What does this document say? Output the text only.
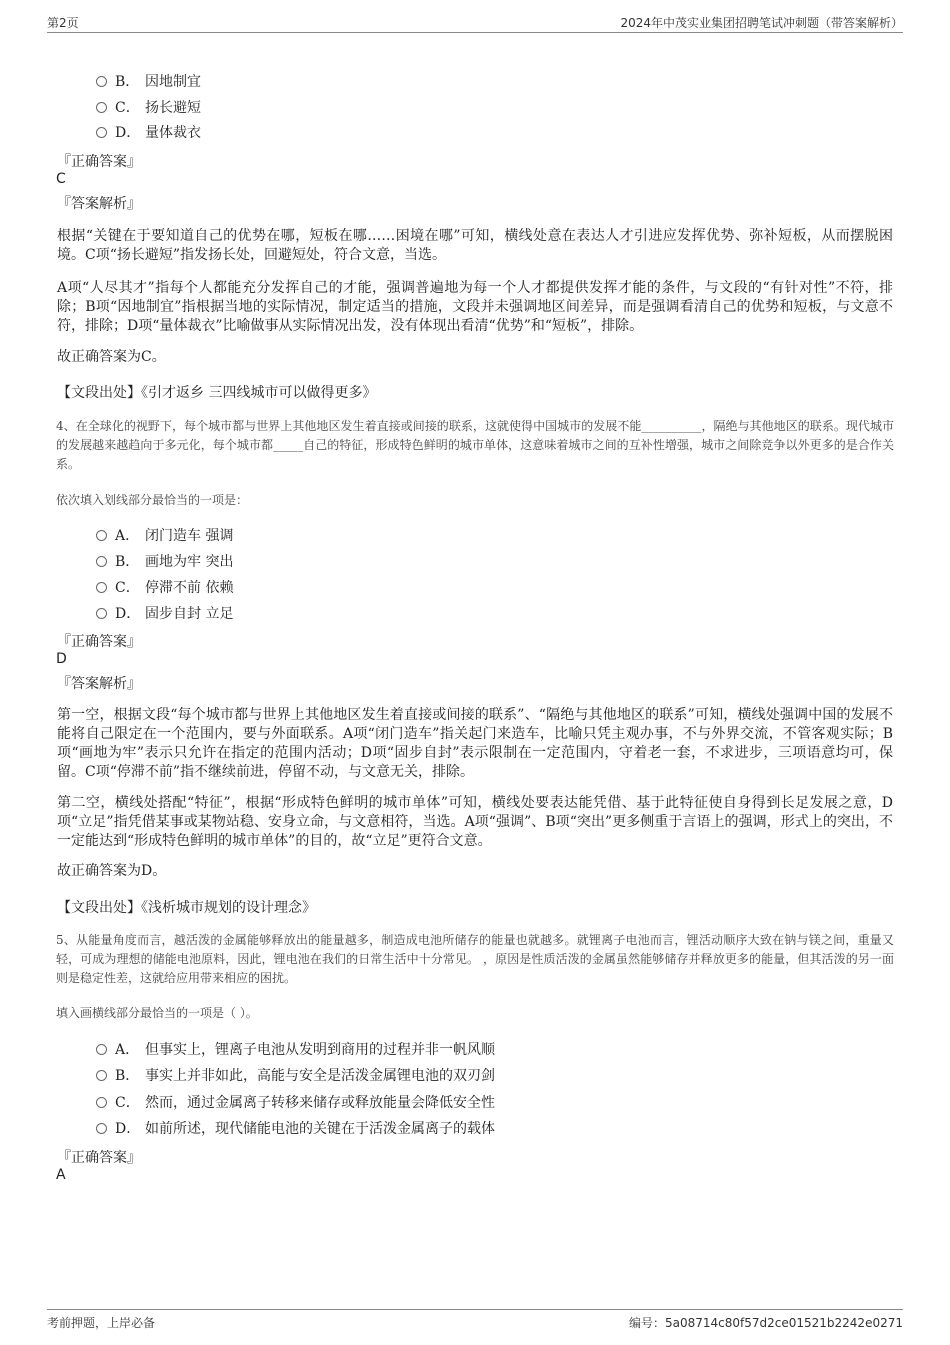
第2页	2024年中茂实业集团招聘笔试冲刺题（带答案解析）
B． 因地制宜
C． 扬长避短
D． 量体裁衣
『正确答案』
C
『答案解析』

根据“关键在于要知道自己的优势在哪，短板在哪……困境在哪”可知，横线处意在表达人才引进应发挥优势、弥补短板，从而摆脱困境。C项“扬长避短”指发扬长处，回避短处，符合文意，当选。

A项“人尽其才”指每个人都能充分发挥自己的才能，强调普遍地为每一个人才都提供发挥才能的条件，与文段的“有针对性”不符，排除；B项“因地制宜”指根据当地的实际情况，制定适当的措施，文段并未强调地区间差异，而是强调看清自己的优势和短板，与文意不符，排除；D项“量体裁衣”比喻做事从实际情况出发，没有体现出看清“优势”和“短板”，排除。

故正确答案为C。

【文段出处】《引才返乡 三四线城市可以做得更多》

4、在全球化的视野下，每个城市都与世界上其他地区发生着直接或间接的联系，这就使得中国城市的发展不能__________，隔绝与其他地区的联系。现代城市的发展越来越趋向于多元化，每个城市都_____自己的特征，形成特色鲜明的城市单体，这意味着城市之间的互补性增强，城市之间除竞争以外更多的是合作关系。

依次填入划线部分最恰当的一项是：

A． 闭门造车 强调
B． 画地为牢 突出
C． 停滞不前 依赖
D． 固步自封 立足
『正确答案』
D
『答案解析』

第一空，根据文段“每个城市都与世界上其他地区发生着直接或间接的联系”、“隔绝与其他地区的联系”可知，横线处强调中国的发展不能将自己限定在一个范围内，要与外面联系。A项“闭门造车”指关起门来造车，比喻只凭主观办事，不与外界交流，不管客观实际；B项“画地为牢”表示只允许在指定的范围内活动；D项“固步自封”表示限制在一定范围内，守着老一套，不求进步，三项语意均可，保留。C项“停滞不前”指不继续前进，停留不动，与文意无关，排除。

第二空，横线处搭配“特征”，根据“形成特色鲜明的城市单体”可知，横线处要表达能凭借、基于此特征使自身得到长足发展之意，D项“立足”指凭借某事或某物站稳、安身立命，与文意相符，当选。A项“强调”、B项“突出”更多侧重于言语上的强调，形式上的突出，不一定能达到“形成特色鲜明的城市单体”的目的，故“立足”更符合文意。

故正确答案为D。

【文段出处】《浅析城市规划的设计理念》

5、从能量角度而言，越活泼的金属能够释放出的能量越多，制造成电池所储存的能量也就越多。就锂离子电池而言，锂活动顺序大致在钠与镁之间，重量又轻，可成为理想的储能电池原料，因此，锂电池在我们的日常生活中十分常见。 ，原因是性质活泼的金属虽然能够储存并释放更多的能量，但其活泼的另一面则是稳定性差，这就给应用带来相应的困扰。

填入画横线部分最恰当的一项是（ ）。

A． 但事实上，锂离子电池从发明到商用的过程并非一帆风顺
B． 事实上并非如此，高能与安全是活泼金属锂电池的双刃剑
C． 然而，通过金属离子转移来储存或释放能量会降低安全性
D． 如前所述，现代储能电池的关键在于活泼金属离子的载体
『正确答案』
A
考前押题，上岸必备	编号：5a08714c80f57d2ce01521b2242e0271
